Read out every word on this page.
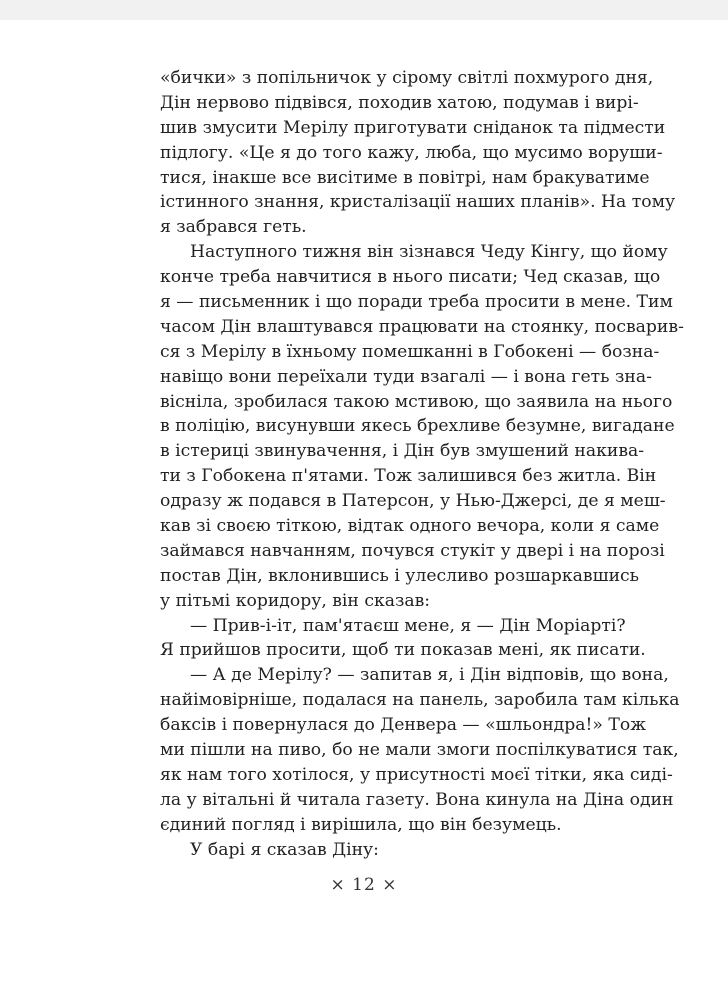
«бички» з попільничок у сірому світлі похмурого дня,
Дін нервово підвівся, походив хатою, подумав і вирі-
шив змусити Мерілу приготувати сніданок та підмести
підлогу. «Це я до того кажу, люба, що мусимо воруши-
тися, інакше все висітиме в повітрі, нам бракуватиме
істинного знання, кристалізації наших планів». На тому
я забрався геть.
Наступного тижня він зізнався Чеду Кінгу, що йому
конче треба навчитися в нього писати; Чед сказав, що
я — письменник і що поради треба просити в мене. Тим
часом Дін влаштувався працювати на стоянку, посварив-
ся з Мерілу в їхньому помешканні в Гобокені — бозна-
навіщо вони переїхали туди взагалі — і вона геть зна-
вісніла, зробилася такою мстивою, що заявила на нього
в поліцію, висунувши якесь брехливе безумне, вигадане
в істериці звинувачення, і Дін був змушений накива-
ти з Гобокена п'ятами. Тож залишився без житла. Він
одразу ж подався в Патерсон, у Нью-Джерсі, де я меш-
кав зі своєю тіткою, відтак одного вечора, коли я саме
займався навчанням, почувся стукіт у двері і на порозі
постав Дін, вклонившись і улесливо розшаркавшись
у пітьмі коридору, він сказав:
— Прив-і-іт, пам'ятаєш мене, я — Дін Моріарті?
Я прийшов просити, щоб ти показав мені, як писати.
— А де Мерілу? — запитав я, і Дін відповів, що вона,
найімовірніше, подалася на панель, заробила там кілька
баксів і повернулася до Денвера — «шльондра!» Тож
ми пішли на пиво, бо не мали змоги поспілкуватися так,
як нам того хотілося, у присутності моєї тітки, яка сиді-
ла у вітальні й читала газету. Вона кинула на Діна один
єдиний погляд і вирішила, що він безумець.
У барі я сказав Діну:
× 12 ×
